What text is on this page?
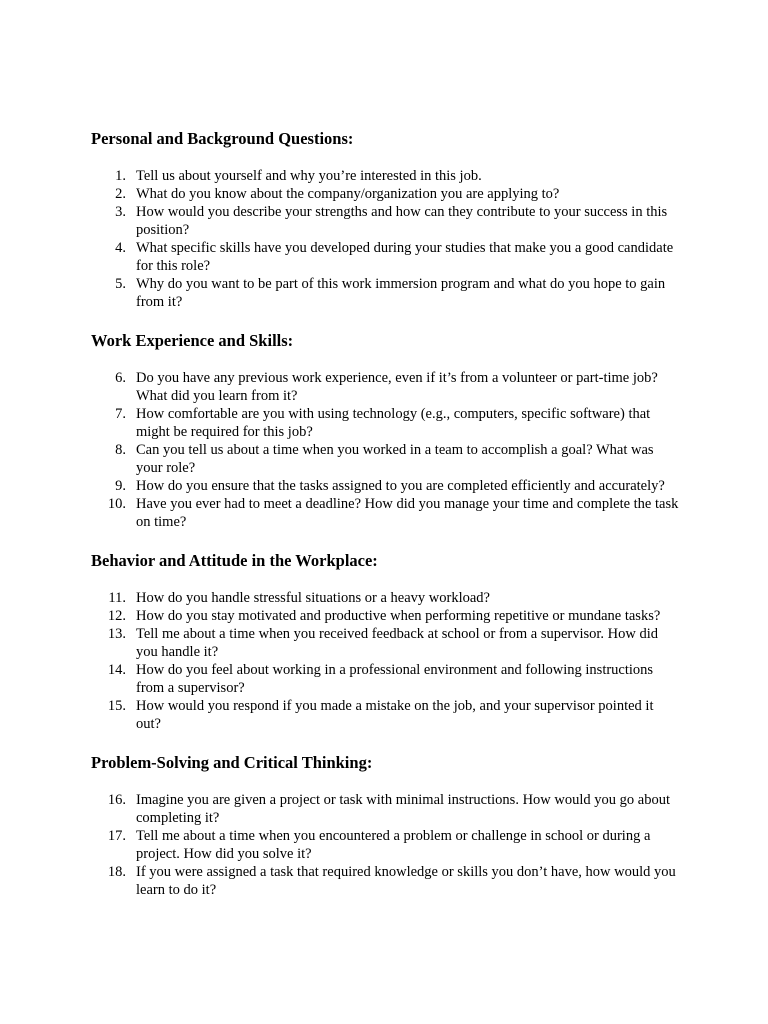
Personal and Background Questions:
1. Tell us about yourself and why you’re interested in this job.
2. What do you know about the company/organization you are applying to?
3. How would you describe your strengths and how can they contribute to your success in this position?
4. What specific skills have you developed during your studies that make you a good candidate for this role?
5. Why do you want to be part of this work immersion program and what do you hope to gain from it?
Work Experience and Skills:
6. Do you have any previous work experience, even if it’s from a volunteer or part-time job? What did you learn from it?
7. How comfortable are you with using technology (e.g., computers, specific software) that might be required for this job?
8. Can you tell us about a time when you worked in a team to accomplish a goal? What was your role?
9. How do you ensure that the tasks assigned to you are completed efficiently and accurately?
10. Have you ever had to meet a deadline? How did you manage your time and complete the task on time?
Behavior and Attitude in the Workplace:
11. How do you handle stressful situations or a heavy workload?
12. How do you stay motivated and productive when performing repetitive or mundane tasks?
13. Tell me about a time when you received feedback at school or from a supervisor. How did you handle it?
14. How do you feel about working in a professional environment and following instructions from a supervisor?
15. How would you respond if you made a mistake on the job, and your supervisor pointed it out?
Problem-Solving and Critical Thinking:
16. Imagine you are given a project or task with minimal instructions. How would you go about completing it?
17. Tell me about a time when you encountered a problem or challenge in school or during a project. How did you solve it?
18. If you were assigned a task that required knowledge or skills you don’t have, how would you learn to do it?
